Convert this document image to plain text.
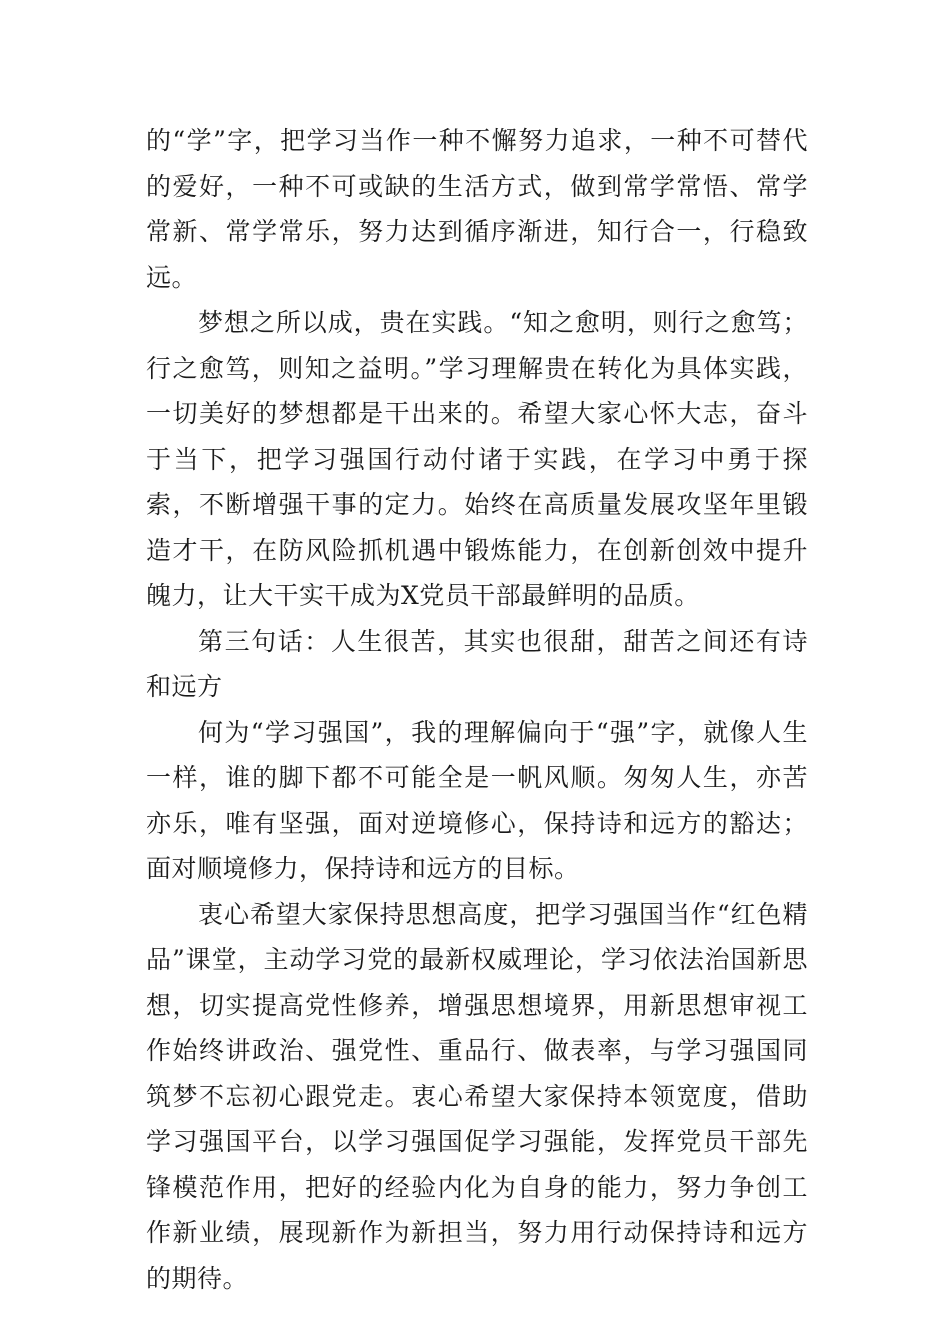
的“学”字，把学习当作一种不懈努力追求，一种不可替代的爱好，一种不可或缺的生活方式，做到常学常悟、常学常新、常学常乐，努力达到循序渐进，知行合一，行稳致远。

梦想之所以成，贵在实践。“知之愈明，则行之愈笃；行之愈笃，则知之益明。”学习理解贵在转化为具体实践，一切美好的梦想都是干出来的。希望大家心怀大志，奋斗于当下，把学习强国行动付诸于实践，在学习中勇于探索，不断增强干事的定力。始终在高质量发展攻坚年里锻造才干，在防风险抓机遇中锻炼能力，在创新创效中提升魄力，让大干实干成为X党员干部最鲜明的品质。

第三句话：人生很苦，其实也很甜，甜苦之间还有诗和远方

何为“学习强国”，我的理解偏向于“强”字，就像人生一样，谁的脚下都不可能全是一帆风顺。匆匆人生，亦苦亦乐，唯有坚强，面对逆境修心，保持诗和远方的豁达；面对顺境修力，保持诗和远方的目标。

衷心希望大家保持思想高度，把学习强国当作“红色精品”课堂，主动学习党的最新权威理论，学习依法治国新思想，切实提高党性修养，增强思想境界，用新思想审视工作始终讲政治、强党性、重品行、做表率，与学习强国同筑梦不忘初心跟党走。衷心希望大家保持本领宽度，借助学习强国平台，以学习强国促学习强能，发挥党员干部先锋模范作用，把好的经验内化为自身的能力，努力争创工作新业绩，展现新作为新担当，努力用行动保持诗和远方的期待。
